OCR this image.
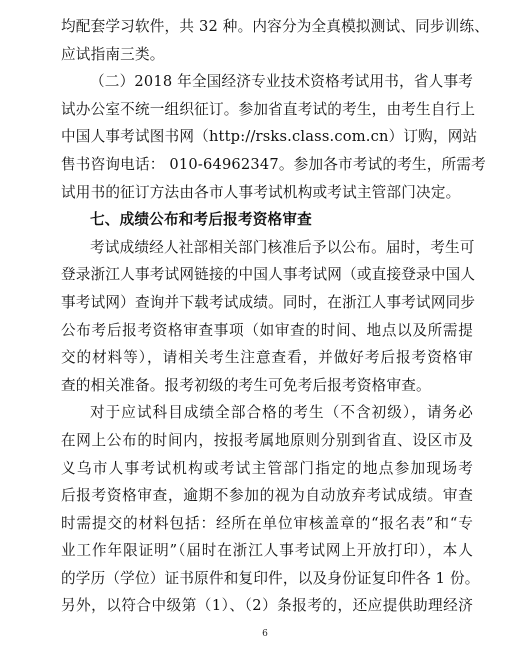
均配套学习软件，共 32 种。内容分为全真模拟测试、同步训练、
应试指南三类。
（二）2018 年全国经济专业技术资格考试用书，省人事考
试办公室不统一组织征订。参加省直考试的考生，由考生自行上
中国人事考试图书网（http://rsks.class.com.cn）订购，网站
售书咨询电话： 010-64962347。参加各市考试的考生，所需考
试用书的征订方法由各市人事考试机构或考试主管部门决定。
七、成绩公布和考后报考资格审查
考试成绩经人社部相关部门核准后予以公布。届时，考生可
登录浙江人事考试网链接的中国人事考试网（或直接登录中国人
事考试网）查询并下载考试成绩。同时，在浙江人事考试网同步
公布考后报考资格审查事项（如审查的时间、地点以及所需提
交的材料等），请相关考生注意查看，并做好考后报考资格审
查的相关准备。报考初级的考生可免考后报考资格审查。
对于应试科目成绩全部合格的考生（不含初级），请务必
在网上公布的时间内，按报考属地原则分别到省直、设区市及
义乌市人事考试机构或考试主管部门指定的地点参加现场考
后报考资格审查，逾期不参加的视为自动放弃考试成绩。审查
时需提交的材料包括：经所在单位审核盖章的“报名表”和“专
业工作年限证明”（届时在浙江人事考试网上开放打印），本人
的学历（学位）证书原件和复印件，以及身份证复印件各 1 份。
另外，以符合中级第（1）、（2）条报考的，还应提供助理经济
6
